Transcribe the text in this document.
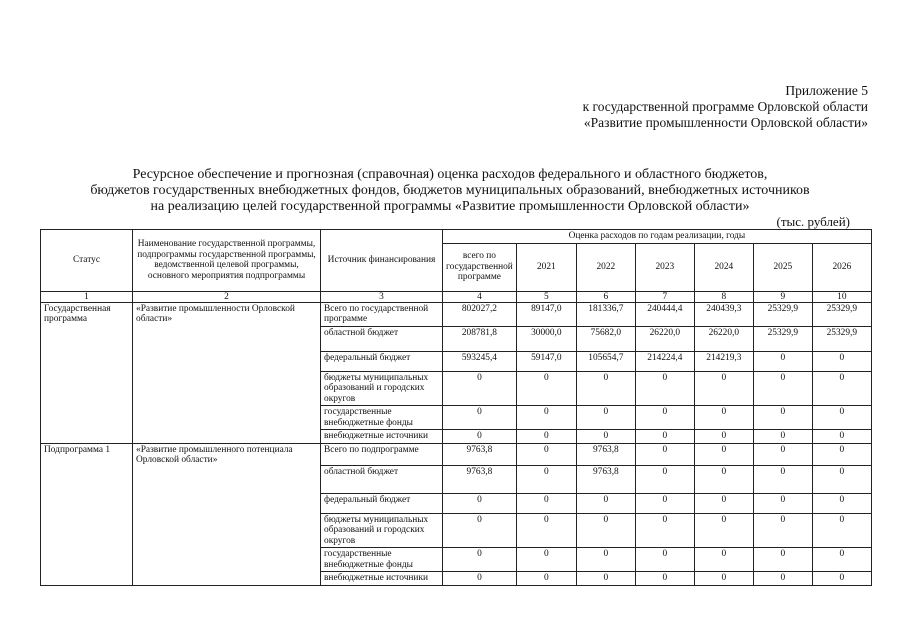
Приложение 5
к государственной программе Орловской области
«Развитие промышленности Орловской области»
Ресурсное обеспечение и прогнозная (справочная) оценка расходов федерального и областного бюджетов,
бюджетов государственных внебюджетных фондов, бюджетов муниципальных образований, внебюджетных источников
на реализацию целей государственной программы «Развитие промышленности Орловской области»
(тыс. рублей)
Статус	Наименование государственной программы, подпрограммы государственной программы, ведомственной целевой программы, основного мероприятия подпрограммы	Источник финансирования	Оценка расходов по годам реализации, годы						
			всего по государственной программе	2021	2022	2023	2024	2025	2026
1	2	3	4	5	6	7	8	9	10
Государственная программа	«Развитие промышленности Орловской области»	Всего по государственной программе	802027,2	89147,0	181336,7	240444,4	240439,3	25329,9	25329,9
		областной бюджет	208781,8	30000,0	75682,0	26220,0	26220,0	25329,9	25329,9
		федеральный бюджет	593245,4	59147,0	105654,7	214224,4	214219,3	0	0
		бюджеты муниципальных образований и городских округов	0	0	0	0	0	0	0
		государственные внебюджетные фонды	0	0	0	0	0	0	0
		внебюджетные источники	0	0	0	0	0	0	0
Подпрограмма 1	«Развитие промышленного потенциала Орловской области»	Всего по подпрограмме	9763,8	0	9763,8	0	0	0	0
		областной бюджет	9763,8	0	9763,8	0	0	0	0
		федеральный бюджет	0	0	0	0	0	0	0
		бюджеты муниципальных образований и городских округов	0	0	0	0	0	0	0
		государственные внебюджетные фонды	0	0	0	0	0	0	0
		внебюджетные источники	0	0	0	0	0	0	0
